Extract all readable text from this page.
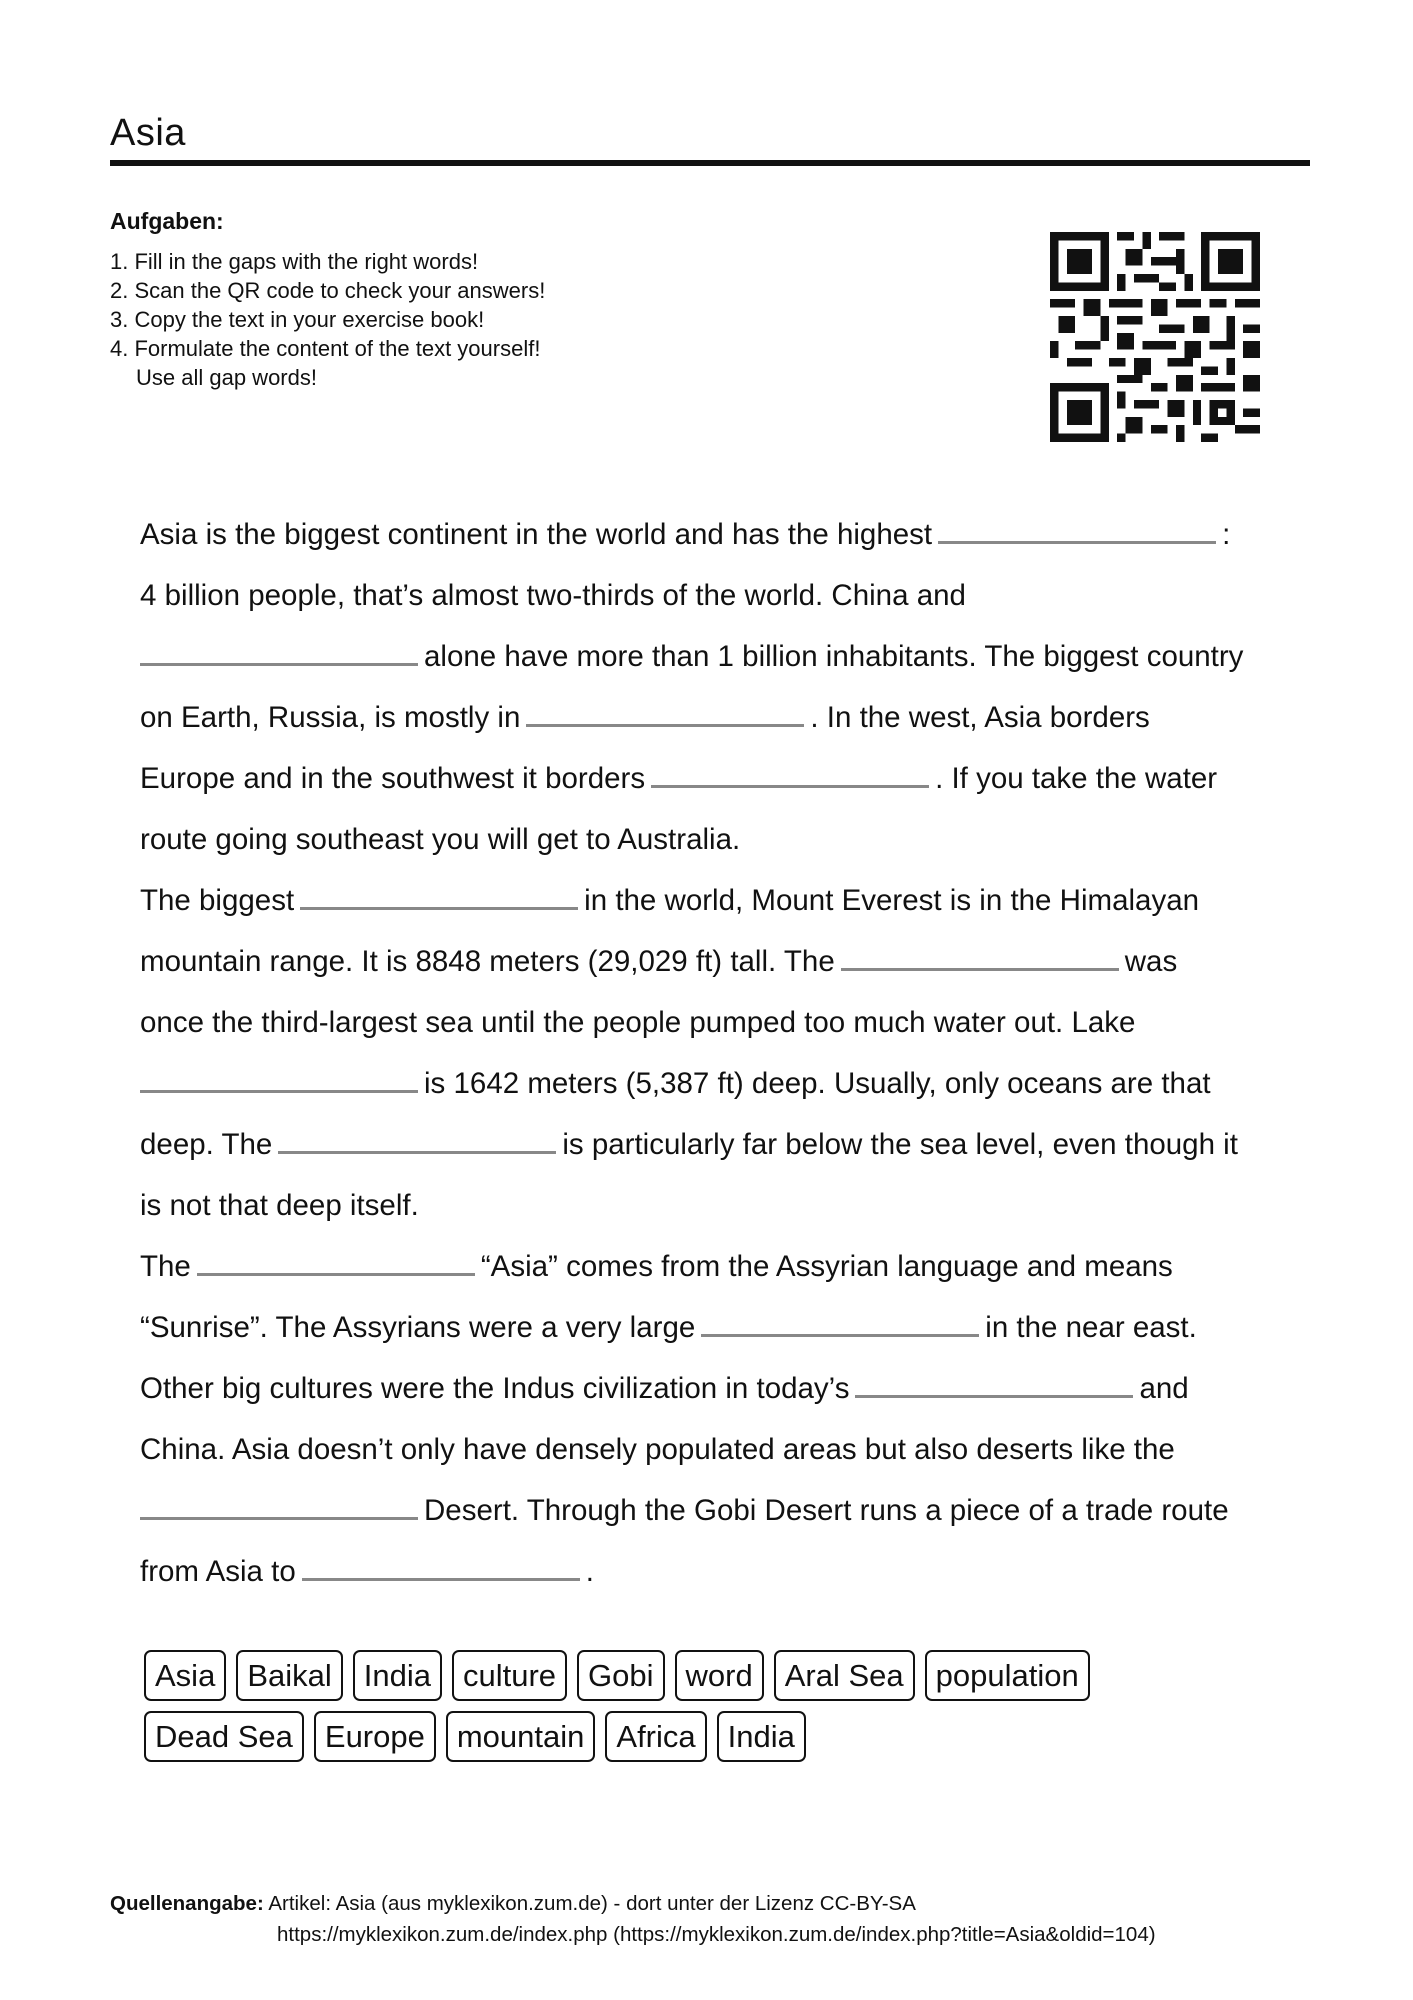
Asia
Aufgaben:
1. Fill in the gaps with the right words!
2. Scan the QR code to check your answers!
3. Copy the text in your exercise book!
4. Formulate the content of the text yourself!
Use all gap words!
Asia is the biggest continent in the world and has the highest	:
4 billion people, that’s almost two-thirds of the world. China and
alone have more than 1 billion inhabitants. The biggest country
on Earth, Russia, is mostly in	. In the west, Asia borders
Europe and in the southwest it borders	. If you take the water
route going southeast you will get to Australia.
The biggest	in the world, Mount Everest is in the Himalayan
mountain range. It is 8848 meters (29,029 ft) tall. The	was
once the third-largest sea until the people pumped too much water out. Lake
is 1642 meters (5,387 ft) deep. Usually, only oceans are that
deep. The	is particularly far below the sea level, even though it
is not that deep itself.
The	“Asia” comes from the Assyrian language and means
“Sunrise”. The Assyrians were a very large	in the near east.
Other big cultures were the Indus civilization in today’s	and
China. Asia doesn’t only have densely populated areas but also deserts like the
Desert. Through the Gobi Desert runs a piece of a trade route
from Asia to	.
Asia	Baikal	India	culture	Gobi	word	Aral Sea	population
Dead Sea	Europe	mountain	Africa	India
Quellenangabe: Artikel: Asia (aus myklexikon.zum.de) - dort unter der Lizenz CC-BY-SA
https://myklexikon.zum.de/index.php (https://myklexikon.zum.de/index.php?title=Asia&oldid=104)
